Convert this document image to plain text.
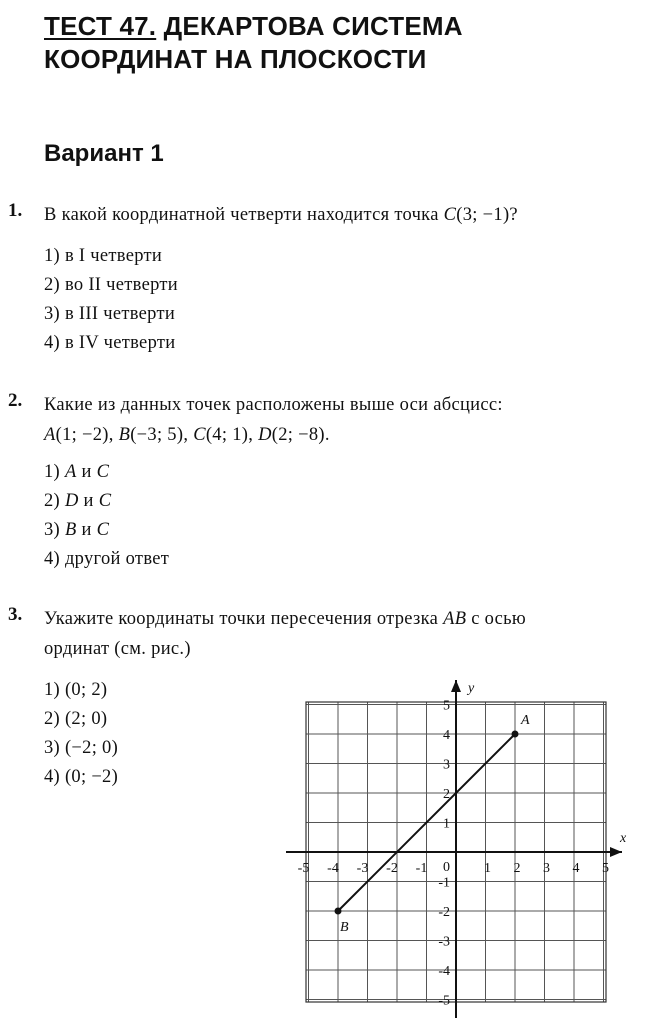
ТЕСТ 47. ДЕКАРТОВА СИСТЕМА
КООРДИНАТ НА ПЛОСКОСТИ
Вариант 1
1. В какой координатной четверти находится точка C(3; −1)?
1) в I четверти
2) во II четверти
3) в III четверти
4) в IV четверти
2. Какие из данных точек расположены выше оси абсцисс:
A(1; −2), B(−3; 5), C(4; 1), D(2; −8).
1) A и C
2) D и C
3) B и C
4) другой ответ
3. Укажите координаты точки пересечения отрезка AB с осью
ординат (см. рис.)
1) (0; 2)
2) (2; 0)
3) (−2; 0)
4) (0; −2)
x
y
-5 -4 -3 -2 -1	1 2 3 4 5
5
4
3
2
1
-1
-2
-3
-4
-5
0
A
B
